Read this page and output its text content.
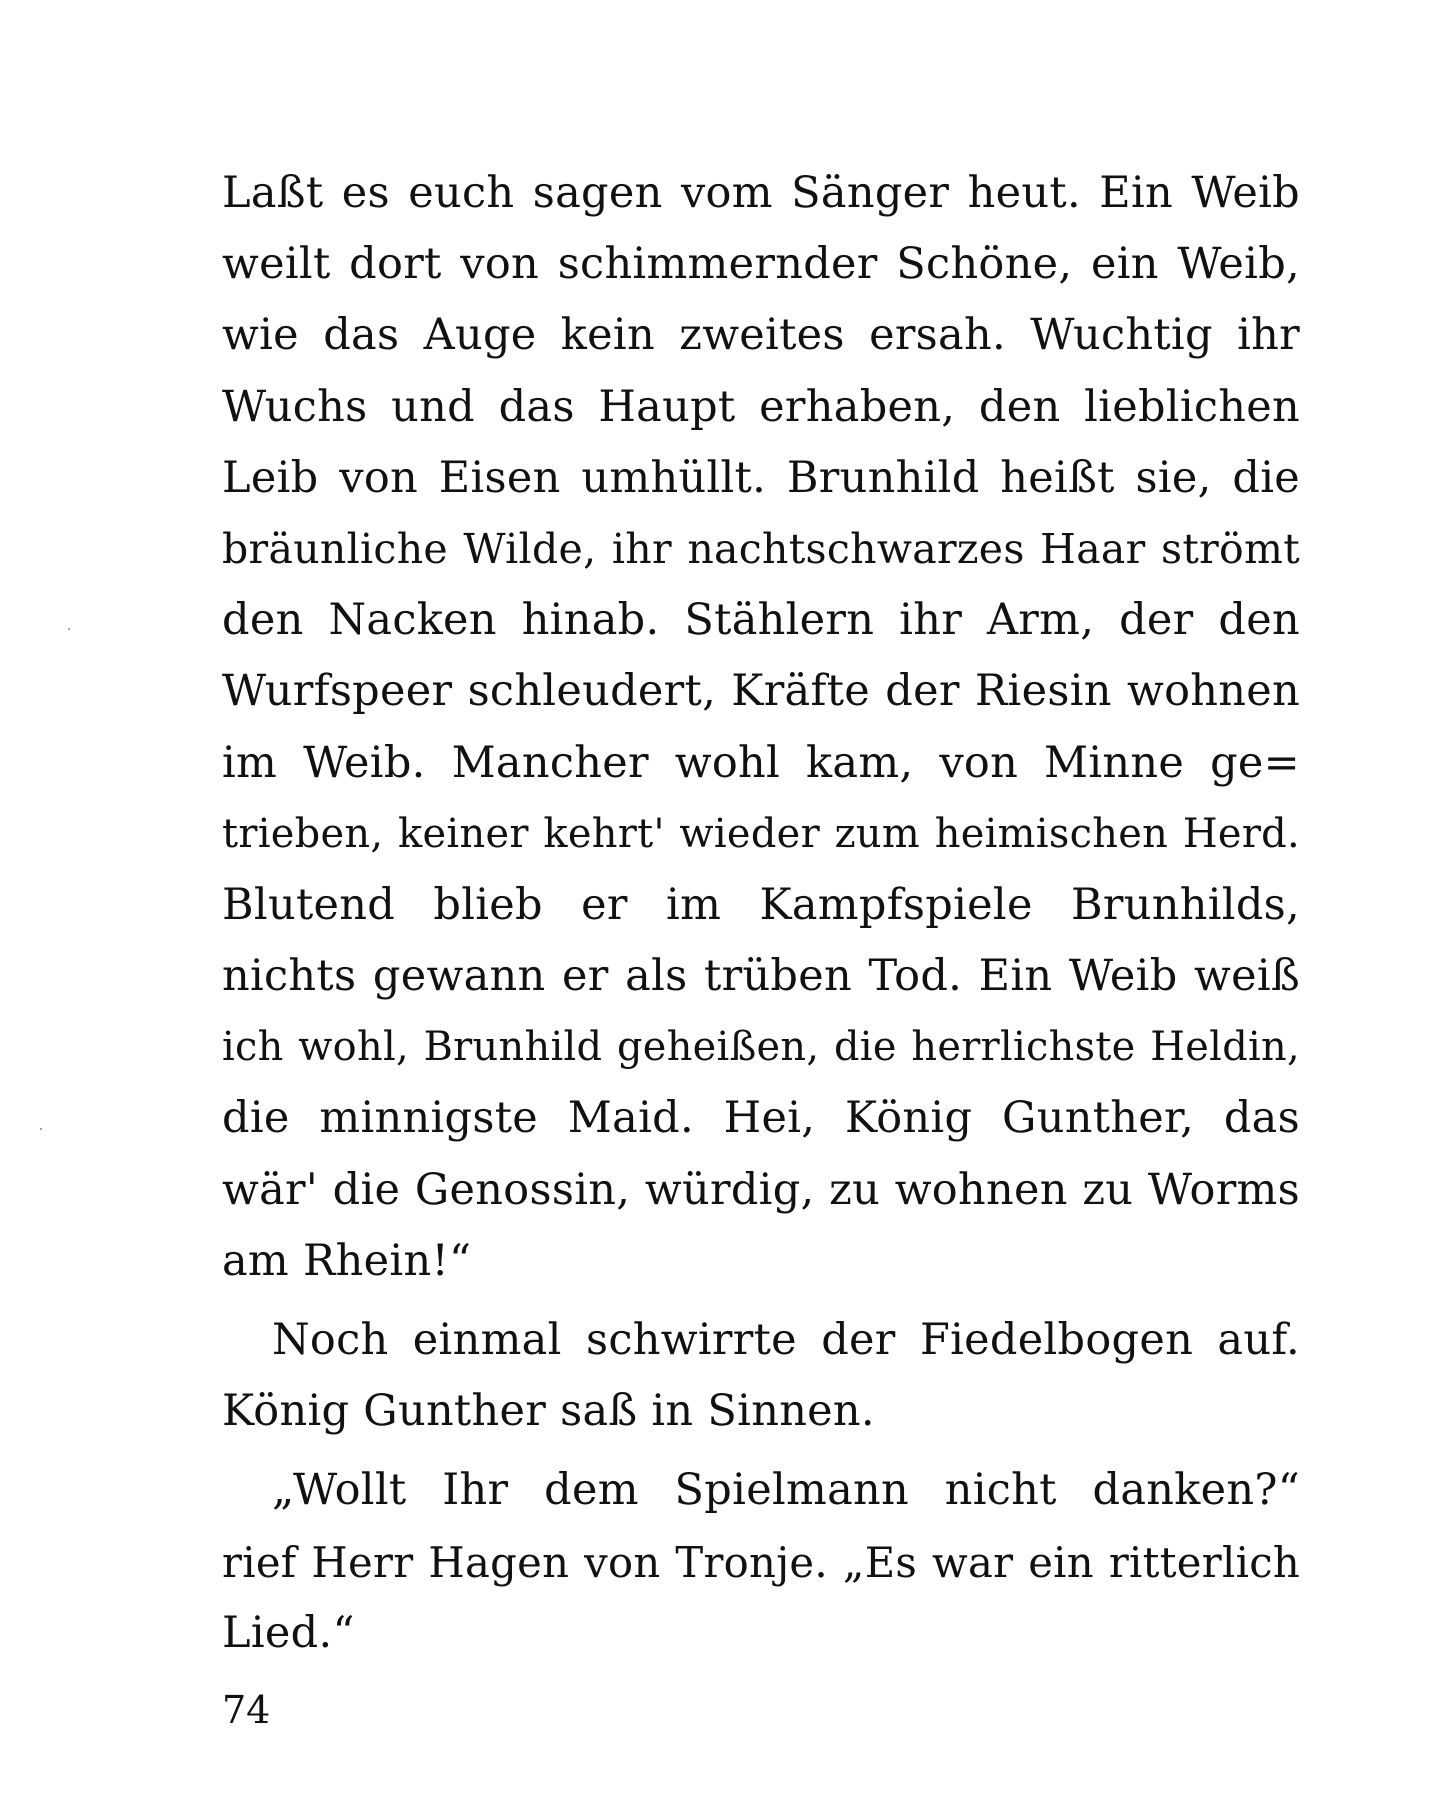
Laßt es euch sagen vom Sänger heut. Ein Weib
weilt dort von schimmernder Schöne, ein Weib,
wie das Auge kein zweites ersah. Wuchtig ihr
Wuchs und das Haupt erhaben, den lieblichen
Leib von Eisen umhüllt. Brunhild heißt sie, die
bräunliche Wilde, ihr nachtschwarzes Haar strömt
den Nacken hinab. Stählern ihr Arm, der den
Wurfspeer schleudert, Kräfte der Riesin wohnen
im Weib. Mancher wohl kam, von Minne ge=
trieben, keiner kehrt' wieder zum heimischen Herd.
Blutend blieb er im Kampfspiele Brunhilds,
nichts gewann er als trüben Tod. Ein Weib weiß
ich wohl, Brunhild geheißen, die herrlichste Heldin,
die minnigste Maid. Hei, König Gunther, das
wär' die Genossin, würdig, zu wohnen zu Worms
am Rhein!“
Noch einmal schwirrte der Fiedelbogen auf.
König Gunther saß in Sinnen.
„Wollt Ihr dem Spielmann nicht danken?“
rief Herr Hagen von Tronje. „Es war ein ritterlich
Lied.“
74
